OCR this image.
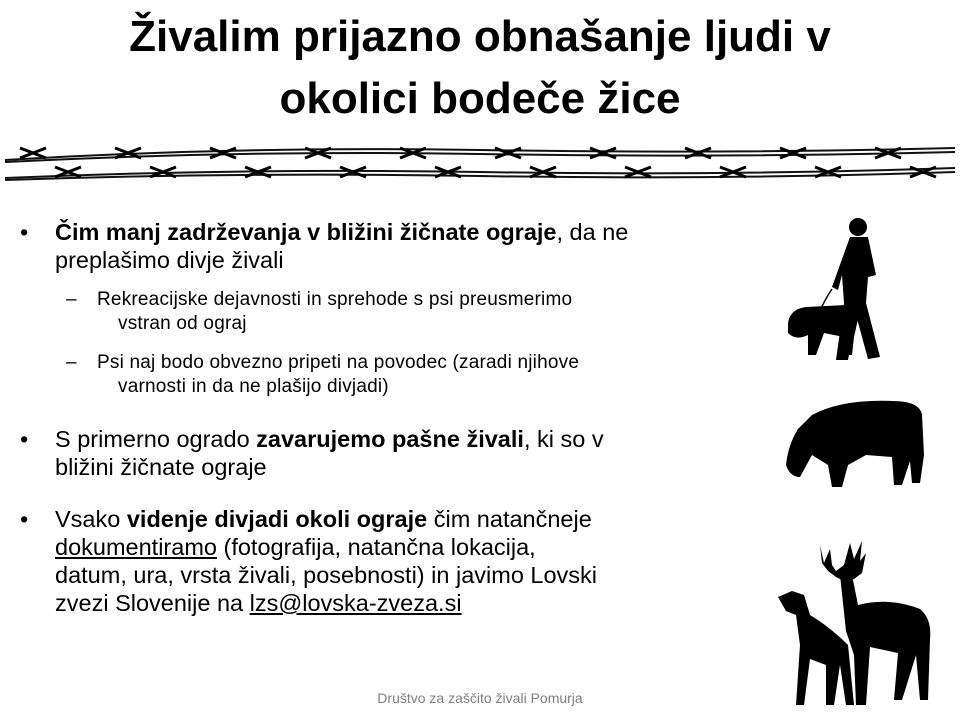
Živalim prijazno obnašanje ljudi v
okolici bodeče žice
• Čim manj zadrževanja v bližini žičnate ograje, da ne
preplašimo divje živali
– Rekreacijske dejavnosti in sprehode s psi preusmerimo
vstran od ograj
– Psi naj bodo obvezno pripeti na povodec (zaradi njihove
varnosti in da ne plašijo divjadi)
• S primerno ogrado zavarujemo pašne živali, ki so v
bližini žičnate ograje
• Vsako videnje divjadi okoli ograje čim natančneje
dokumentiramo (fotografija, natančna lokacija,
datum, ura, vrsta živali, posebnosti) in javimo Lovski
zvezi Slovenije na lzs@lovska-zveza.si
Društvo za zaščito živali Pomurja
